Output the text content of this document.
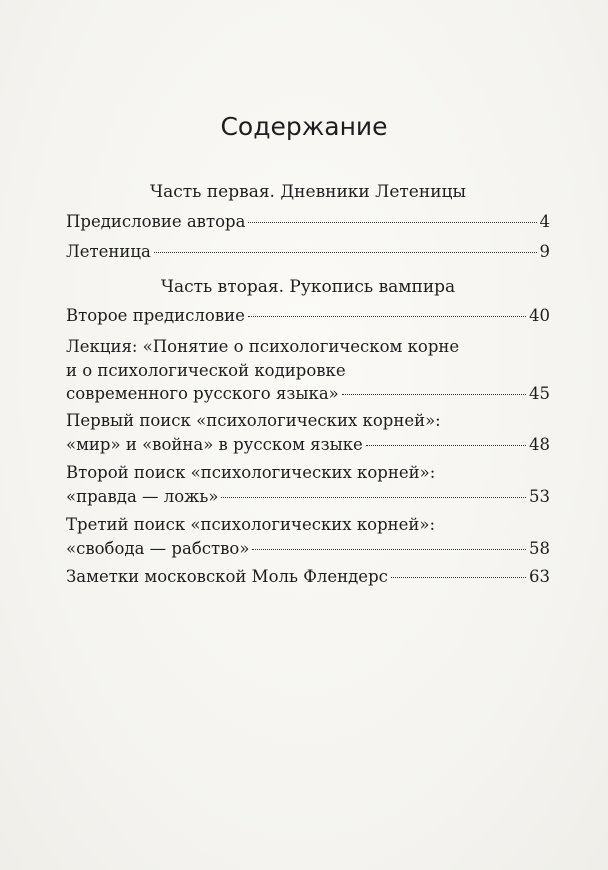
Содержание
Часть первая. Дневники Летеницы
Предисловие автора	4
Летеница	9
Часть вторая. Рукопись вампира
Второе предисловие	40
Лекция: «Понятие о психологическом корне
и о психологической кодировке
современного русского языка»	45
Первый поиск «психологических корней»:
«мир» и «война» в русском языке	48
Второй поиск «психологических корней»:
«правда — ложь»	53
Третий поиск «психологических корней»:
«свобода — рабство»	58
Заметки московской Моль Флендерс	63
